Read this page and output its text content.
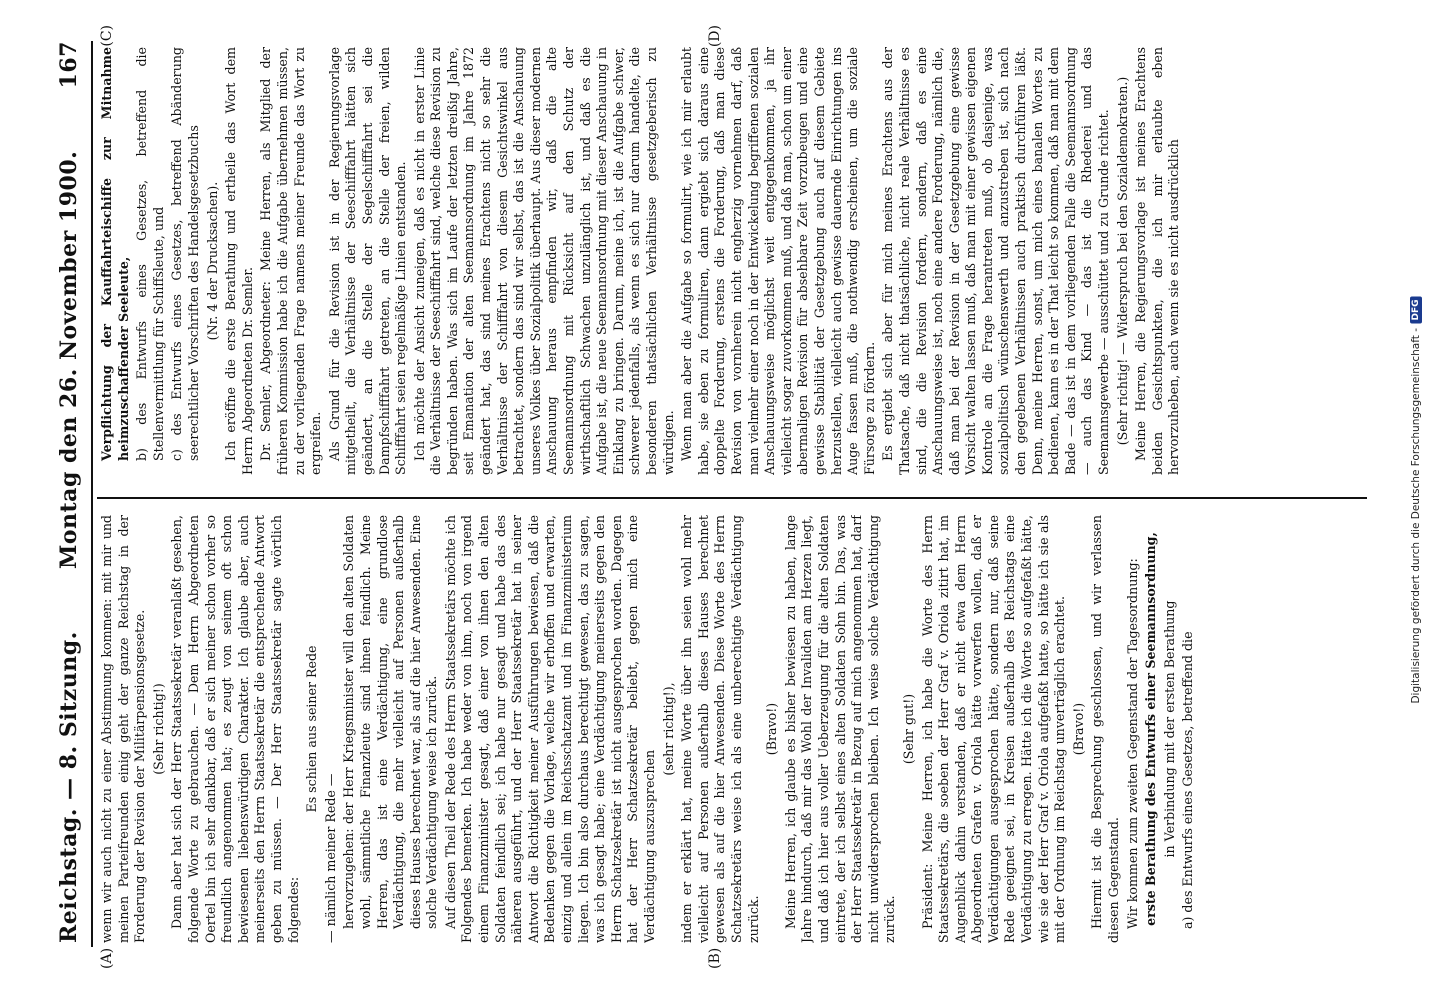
Reichstag. — 8. Sitzung.
Montag den 26. November 1900.
167
(A)	(B)
(C)	(D)

wenn wir auch nicht zu einer Abstimmung kommen: mit mir und meinen Parteifreunden einig geht der ganze Reichstag in der Forderung der Revision der Militärpensionsgesetze. (Sehr richtig!) Dann aber hat sich der Herr Staatssekretär veranlaßt gesehen, folgende Worte zu gebrauchen. — Dem Herrn Abgeordneten Oertel bin ich sehr dankbar, daß er sich meiner schon vorher so freundlich angenommen hat; es zeugt von seinem oft schon bewiesenen liebenswürdigen Charakter. Ich glaube aber, auch meinerseits den Herrn Staatssekretär die entsprechende Antwort geben zu müssen. — Der Herr Staatssekretär sagte wörtlich folgendes:

Es schien aus seiner Rede

— nämlich meiner Rede — hervorzugehen: der Herr Kriegsminister will den alten Soldaten wohl, sämmtliche Finanzleute sind ihnen feindlich. Meine Herren, das ist eine Verdächtigung, eine grundlose Verdächtigung, die mehr vielleicht auf Personen außerhalb dieses Hauses berechnet war, als auf die hier Anwesenden. Eine solche Verdächtigung weise ich zurück. Auf diesen Theil der Rede des Herrn Staatssekretärs möchte ich Folgendes bemerken. Ich habe weder von ihm, noch von irgend einem Finanzminister gesagt, daß einer von ihnen den alten Soldaten feindlich sei; ich habe nur gesagt und habe das des näheren ausgeführt, und der Herr Staatssekretär hat in seiner Antwort die Richtigkeit meiner Ausführungen bewiesen, daß die Bedenken gegen die Vorlage, welche wir erhoffen und erwarten, einzig und allein im Reichsschatzamt und im Finanzministerium liegen. Ich bin also durchaus berechtigt gewesen, das zu sagen, was ich gesagt habe; eine Verdächtigung meinerseits gegen den Herrn Schatzsekretär ist nicht ausgesprochen worden. Dagegen hat der Herr Schatzsekretär beliebt, gegen mich eine Verdächtigung auszusprechen

(sehr richtig!), indem er erklärt hat, meine Worte über ihn seien wohl mehr vielleicht auf Personen außerhalb dieses Hauses berechnet gewesen als auf die hier Anwesenden. Diese Worte des Herrn Schatzsekretärs weise ich als eine unberechtigte Verdächtigung zurück.

(Bravo!) Meine Herren, ich glaube es bisher bewiesen zu haben, lange Jahre hindurch, daß mir das Wohl der Invaliden am Herzen liegt, und daß ich hier aus voller Ueberzeugung für die alten Soldaten eintrete, der ich selbst eines alten Soldaten Sohn bin. Das, was der Herr Staatssekretär in Bezug auf mich angenommen hat, darf nicht unwidersprochen bleiben. Ich weise solche Verdächtigung zurück.

(Sehr gut!) Präsident: Meine Herren, ich habe die Worte des Herrn Staatssekretärs, die soeben der Herr Graf v. Oriola zitirt hat, im Augenblick dahin verstanden, daß er nicht etwa dem Herrn Abgeordneten Grafen v. Oriola hätte vorwerfen wollen, daß er Verdächtigungen ausgesprochen hätte, sondern nur, daß seine Rede geeignet sei, in Kreisen außerhalb des Reichstags eine Verdächtigung zu erregen. Hätte ich die Worte so aufgefaßt hätte, wie sie der Herr Graf v. Oriola aufgefaßt hatte, so hätte ich sie als mit der Ordnung im Reichstag unverträglich erachtet. (Bravo!) Hiermit ist die Besprechung geschlossen, und wir verlassen diesen Gegenstand. Wir kommen zum zweiten Gegenstand der Tagesordnung: erste Berathung des Entwurfs einer Seemannsordnung, in Verbindung mit der ersten Berathung a) des Entwurfs eines Gesetzes, betreffend die

Verpflichtung der Kauffahrteischiffe zur Mitnahme heimzuschaffender Seeleute, b) des Entwurfs eines Gesetzes, betreffend die Stellenvermittlung für Schiffsleute, und c) des Entwurfs eines Gesetzes, betreffend Abänderung seerechtlicher Vorschriften des Handelsgesetzbuchs (Nr. 4 der Drucksachen). Ich eröffne die erste Berathung und ertheile das Wort dem Herrn Abgeordneten Dr. Semler. Dr. Semler, Abgeordneter: Meine Herren, als Mitglied der früheren Kommission habe ich die Aufgabe übernehmen müssen, zu der vorliegenden Frage namens meiner Freunde das Wort zu ergreifen. Als Grund für die Revision ist in der Regierungsvorlage mitgetheilt, die Verhältnisse der Seeschifffahrt hätten sich geändert, an die Stelle der Segelschifffahrt sei die Dampfschifffahrt getreten, an die Stelle der freien, wilden Schifffahrt seien regelmäßige Linien entstanden. Ich möchte der Ansicht zuneigen, daß es nicht in erster Linie die Verhältnisse der Seeschifffahrt sind, welche diese Revision zu begründen haben. Was sich im Laufe der letzten dreißig Jahre, seit Emanation der alten Seemannsordnung im Jahre 1872 geändert hat, das sind meines Erachtens nicht so sehr die Verhältnisse der Schifffahrt von diesem Gesichtswinkel aus betrachtet, sondern das sind wir selbst, das ist die Anschauung unseres Volkes über Sozialpolitik überhaupt. Aus dieser modernen Anschauung heraus empfinden wir, daß die alte Seemannsordnung mit Rücksicht auf den Schutz der wirthschaftlich Schwachen unzulänglich ist, und daß es die Aufgabe ist, die neue Seemannsordnung mit dieser Anschauung in Einklang zu bringen. Darum, meine ich, ist die Aufgabe schwer, schwerer jedenfalls, als wenn es sich nur darum handelte, die besonderen thatsächlichen Verhältnisse gesetzgeberisch zu würdigen. Wenn man aber die Aufgabe so formulirt, wie ich mir erlaubt habe, sie eben zu formuliren, dann ergiebt sich daraus eine doppelte Forderung, erstens die Forderung, daß man diese Revision von vornherein nicht engherzig vornehmen darf, daß man vielmehr einer noch in der Entwickelung begriffenen sozialen Anschauungsweise möglichst weit entgegenkommen, ja ihr vielleicht sogar zuvorkommen muß, und daß man, schon um einer abermaligen Revision für absehbare Zeit vorzubeugen und eine gewisse Stabilität der Gesetzgebung auch auf diesem Gebiete herzustellen, vielleicht auch gewisse dauernde Einrichtungen ins Auge fassen muß, die nothwendig erscheinen, um die soziale Fürsorge zu fördern. Es ergiebt sich aber für mich meines Erachtens aus der Thatsache, daß nicht thatsächliche, nicht reale Verhältnisse es sind, die die Revision fordern, sondern, daß es eine Anschauungsweise ist, noch eine andere Forderung, nämlich die, daß man bei der Revision in der Gesetzgebung eine gewisse Vorsicht walten lassen muß, daß man mit einer gewissen eigenen Kontrole an die Frage herantreten muß, ob dasjenige, was sozialpolitisch wünschenswerth und anzustreben ist, sich nach den gegebenen Verhältnissen auch praktisch durchführen läßt. Denn, meine Herren, sonst, um mich eines banalen Wortes zu bedienen, kann es in der That leicht so kommen, daß man mit dem Bade — das ist in dem vorliegenden Falle die Seemannsordnung — auch das Kind — das ist die Rhederei und das Seemannsgewerbe — ausschüttet und zu Grunde richtet. (Sehr richtig! — Widerspruch bei den Sozialdemokraten.) Meine Herren, die Regierungsvorlage ist meines Erachtens beiden Gesichtspunkten, die ich mir erlaubte eben hervorzuheben, auch wenn sie es nicht ausdrücklich

Digitalisierung gefördert durch die Deutsche Forschungsgemeinschaft -
DFG
